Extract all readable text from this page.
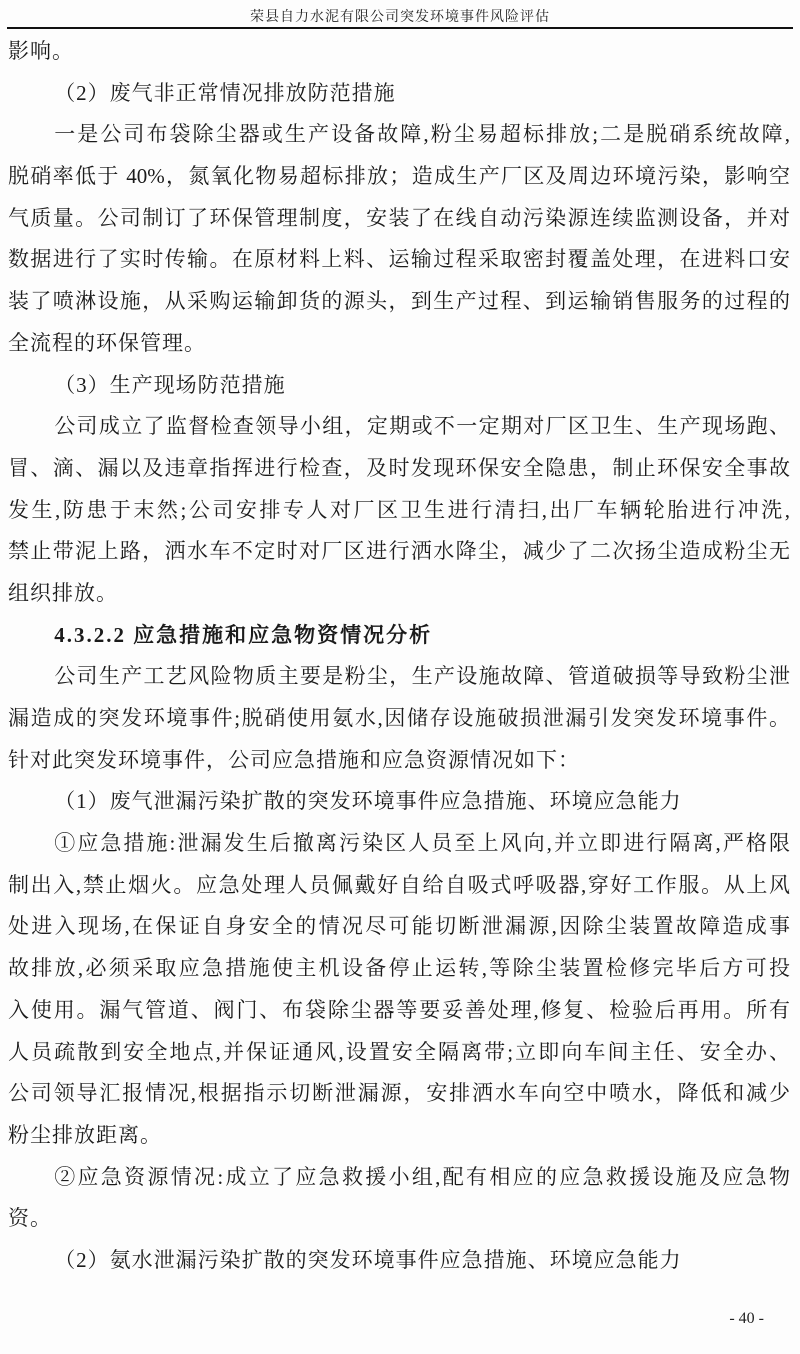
荣县自力水泥有限公司突发环境事件风险评估
影响。
（2）废气非正常情况排放防范措施
一是公司布袋除尘器或生产设备故障,粉尘易超标排放;二是脱硝系统故障,
脱硝率低于 40%，氮氧化物易超标排放；造成生产厂区及周边环境污染，影响空
气质量。公司制订了环保管理制度，安装了在线自动污染源连续监测设备，并对
数据进行了实时传输。在原材料上料、运输过程采取密封覆盖处理，在进料口安
装了喷淋设施，从采购运输卸货的源头，到生产过程、到运输销售服务的过程的
全流程的环保管理。
（3）生产现场防范措施
公司成立了监督检查领导小组，定期或不一定期对厂区卫生、生产现场跑、
冒、滴、漏以及违章指挥进行检查，及时发现环保安全隐患，制止环保安全事故
发生,防患于末然;公司安排专人对厂区卫生进行清扫,出厂车辆轮胎进行冲洗,
禁止带泥上路，洒水车不定时对厂区进行洒水降尘，减少了二次扬尘造成粉尘无
组织排放。
4.3.2.2 应急措施和应急物资情况分析
公司生产工艺风险物质主要是粉尘，生产设施故障、管道破损等导致粉尘泄
漏造成的突发环境事件;脱硝使用氨水,因储存设施破损泄漏引发突发环境事件。
针对此突发环境事件，公司应急措施和应急资源情况如下：
（1）废气泄漏污染扩散的突发环境事件应急措施、环境应急能力
①应急措施:泄漏发生后撤离污染区人员至上风向,并立即进行隔离,严格限
制出入,禁止烟火。应急处理人员佩戴好自给自吸式呼吸器,穿好工作服。从上风
处进入现场,在保证自身安全的情况尽可能切断泄漏源,因除尘装置故障造成事
故排放,必须采取应急措施使主机设备停止运转,等除尘装置检修完毕后方可投
入使用。漏气管道、阀门、布袋除尘器等要妥善处理,修复、检验后再用。所有
人员疏散到安全地点,并保证通风,设置安全隔离带;立即向车间主任、安全办、
公司领导汇报情况,根据指示切断泄漏源，安排洒水车向空中喷水，降低和减少
粉尘排放距离。
②应急资源情况:成立了应急救援小组,配有相应的应急救援设施及应急物
资。
（2）氨水泄漏污染扩散的突发环境事件应急措施、环境应急能力
- 40 -
